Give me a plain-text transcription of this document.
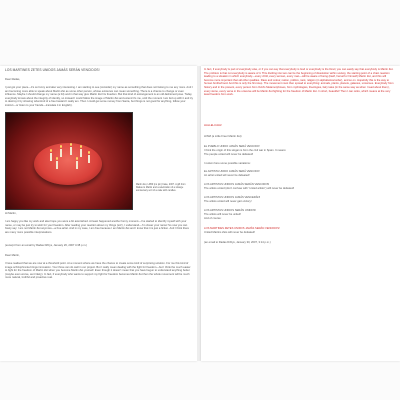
LOS MARTINES ZETES UNIDOS JAMÁS SERÁN VENCIDOS!
Dear Radas,
I just got your piece—it's so funny and also very interesting. I am starting to see (consider) my name as something that does not belong to me any more. And I am becoming more able to speak about Martin Zet as some other person, whose existence can mean something. There is a chance to change or even influence. Maybe I should change my name (a bit) and in that way give Martin Zet his freedom. But that kind of estrangement is an old-fashioned pose. Today everybody knows about the integrity of identity, so instead I could follow the image of Martin Zet and extend it's me, until the moment I am fed up with it and try to destroy it by showing what kind of a free bastard I really am. Then I could get some money from Santa, but things is not good for anything, follow your instinct—or listen to your friends—translate it in English).
Martin Zet, LFBZ (no pin) Cake, 2007. A gift from Radas to Martin and a celebration of a strange anniversary sort of a cake with candles.
Hi Martin,
I am happy you like my work and also hope you were a bit astonished. At least happened another funny moment—I've started to identify myself with your name, or may be just try to wish for your freedom. After reading your reaction about my things (sic!), I understand—I'm closer your name! So now you can freely say: I am not Martin Zet anymore—a free artist. And in my case, I am free because I am Martin Zet and I know that it is just a fiction. And I think there are many more possible interpretations.
(excerpt from an email by Radas DrDys, January 26, 2007 4:38 p.m.)
Dear Martin,
I have realised that we are now at a threshold point. At a moment where we have the chance to create some kind of surprising solution. For me this kind of image schizophrenia brings innovation. Your three can do well in our project. But I really mean dealing with the fight for freedom—but I think the much easier to fight for the freedom of Martin Zet when you become Martin Zet yourself. Even though it doesn't mean that you have begun to understand anything better (maybe even worse, as it likely). In fact, if everybody who wants to support my fight for freedom becomes Martin Zet then the whole movement will be much more natural, truthful and proactive real.
In fact, if everybody is part of everybody else, or if you can say that everybody is God or everybody is the Devil, you can easily say that everybody is Martin Zet. The problem is that not everybody is aware of it. This dividing into two can be the beginning of dissolution within society, the starting point of a chain reaction leading to a situation in which everybody—every child, every woman, every man—will be aware of being (itself, herself or himself) Martin Zet, and this will become more important than all other qualities. Race and colour, nation, politics, rank, religion (in alphabetical order), and so on. Hopefully this is the way to human brotherhood. And this is only the first step. The movement must then spread to everything: animals, plants, planets, galaxies, universes. Everybody from history and in the present, every person from Ovid's Metamorphoses, from mythologies, theologies, fairy tales (in the same way as when I read about them), every stone, every verse in the universe will be Martin Zet fighting for the freedom of Martin Zet. In short, beautiful! Then I can retire, which means at the very least freedom from work.
HALLELUJAH!
LFMZ (a Little Freer Martin Zet)
EL PUEBLO UNIDO JAMÁS SERÁ VENCIDO!
I think the origin of this slogan is from the civil war in Spain. It means:
The people united will never be defeated!
I reckon here some possible variations:
EL ARTISTA UNIDO JAMÁS SERÁ VENCIDO!
An artist united will never be defeated!
LOS ARTISTAS UNIDOS JAMÁS SERÁN VENCIDOS!
The artists united (don't confuse with "united artists") will never be defeated!
LOS ARTISTAS UNIDOS JAMÁS VENCERÁN!
The artists united will never gain victory!
LOS ARTISTAS UNIDOS SERÁN UNIDOS!
The artists will never be united!
And of course:
LOS MARTINES ZETES UNIDOS JAMÁS SERÁN VENCIDOS!
United Martins Zets will never be defeated!
(an email to Radas DrDys, January 30, 2007, 3:14 p.m.)
